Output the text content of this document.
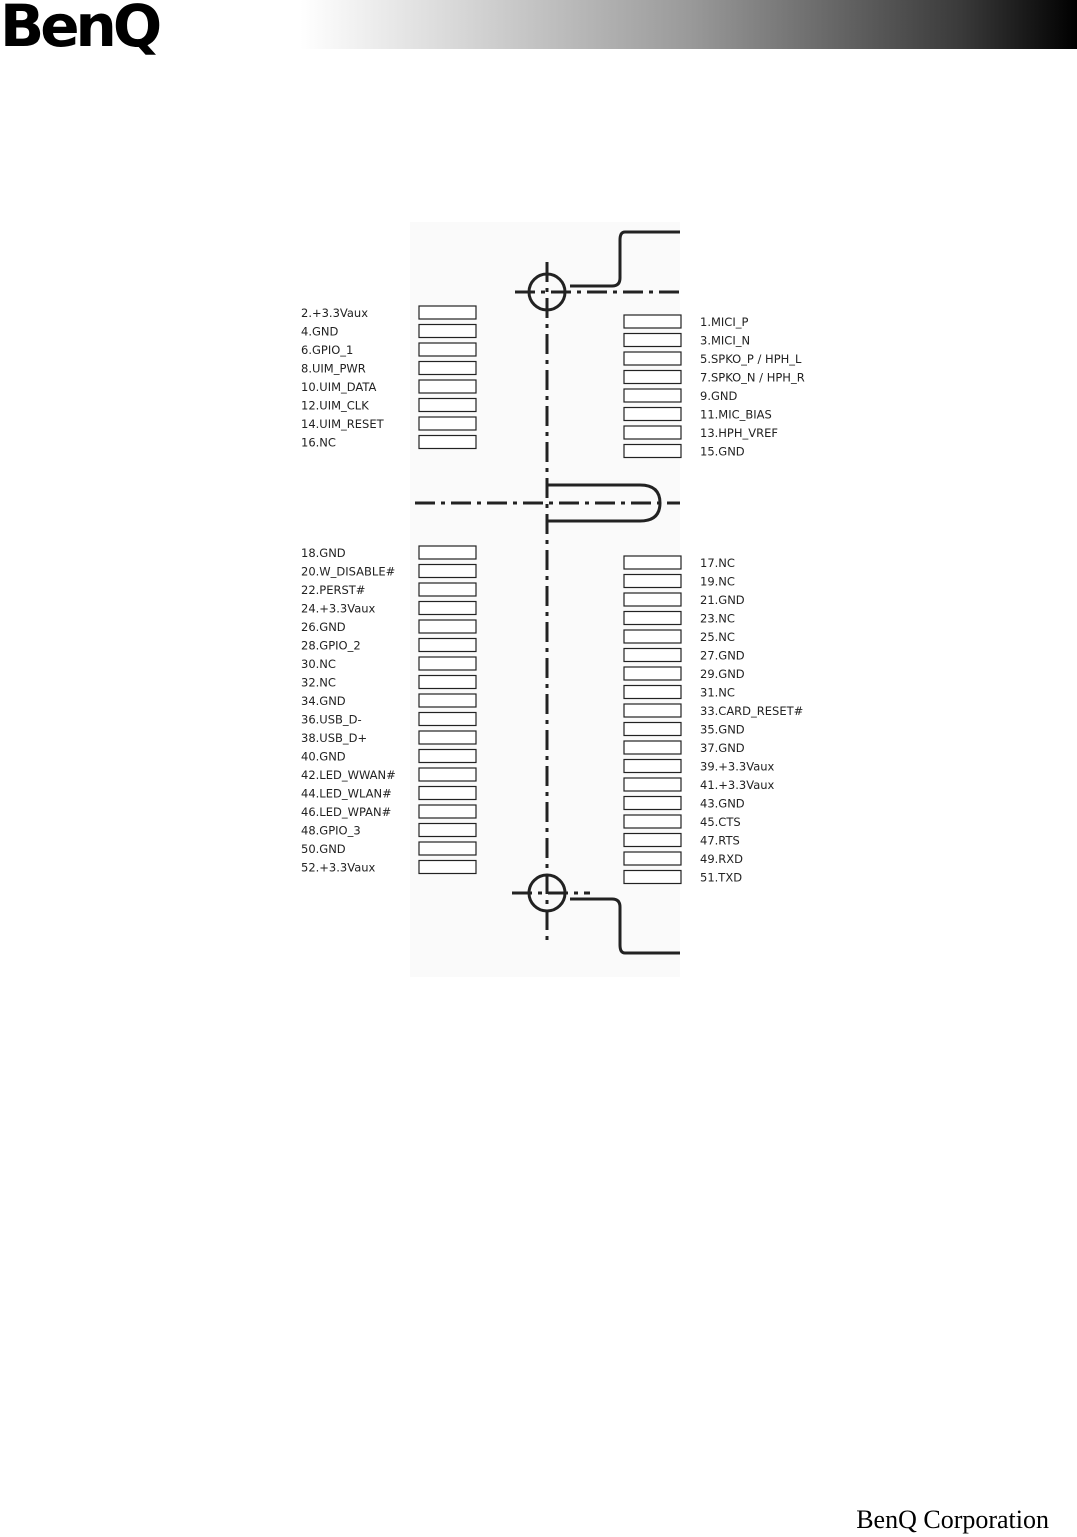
BenQ
2.+3.3Vaux
4.GND
6.GPIO_1
8.UIM_PWR
10.UIM_DATA
12.UIM_CLK
14.UIM_RESET
16.NC
1.MICI_P
3.MICI_N
5.SPKO_P / HPH_L
7.SPKO_N / HPH_R
9.GND
11.MIC_BIAS
13.HPH_VREF
15.GND
18.GND
20.W_DISABLE#
22.PERST#
24.+3.3Vaux
26.GND
28.GPIO_2
30.NC
32.NC
34.GND
36.USB_D-
38.USB_D+
40.GND
42.LED_WWAN#
44.LED_WLAN#
46.LED_WPAN#
48.GPIO_3
50.GND
52.+3.3Vaux
17.NC
19.NC
21.GND
23.NC
25.NC
27.GND
29.GND
31.NC
33.CARD_RESET#
35.GND
37.GND
39.+3.3Vaux
41.+3.3Vaux
43.GND
45.CTS
47.RTS
49.RXD
51.TXD
BenQ Corporation
